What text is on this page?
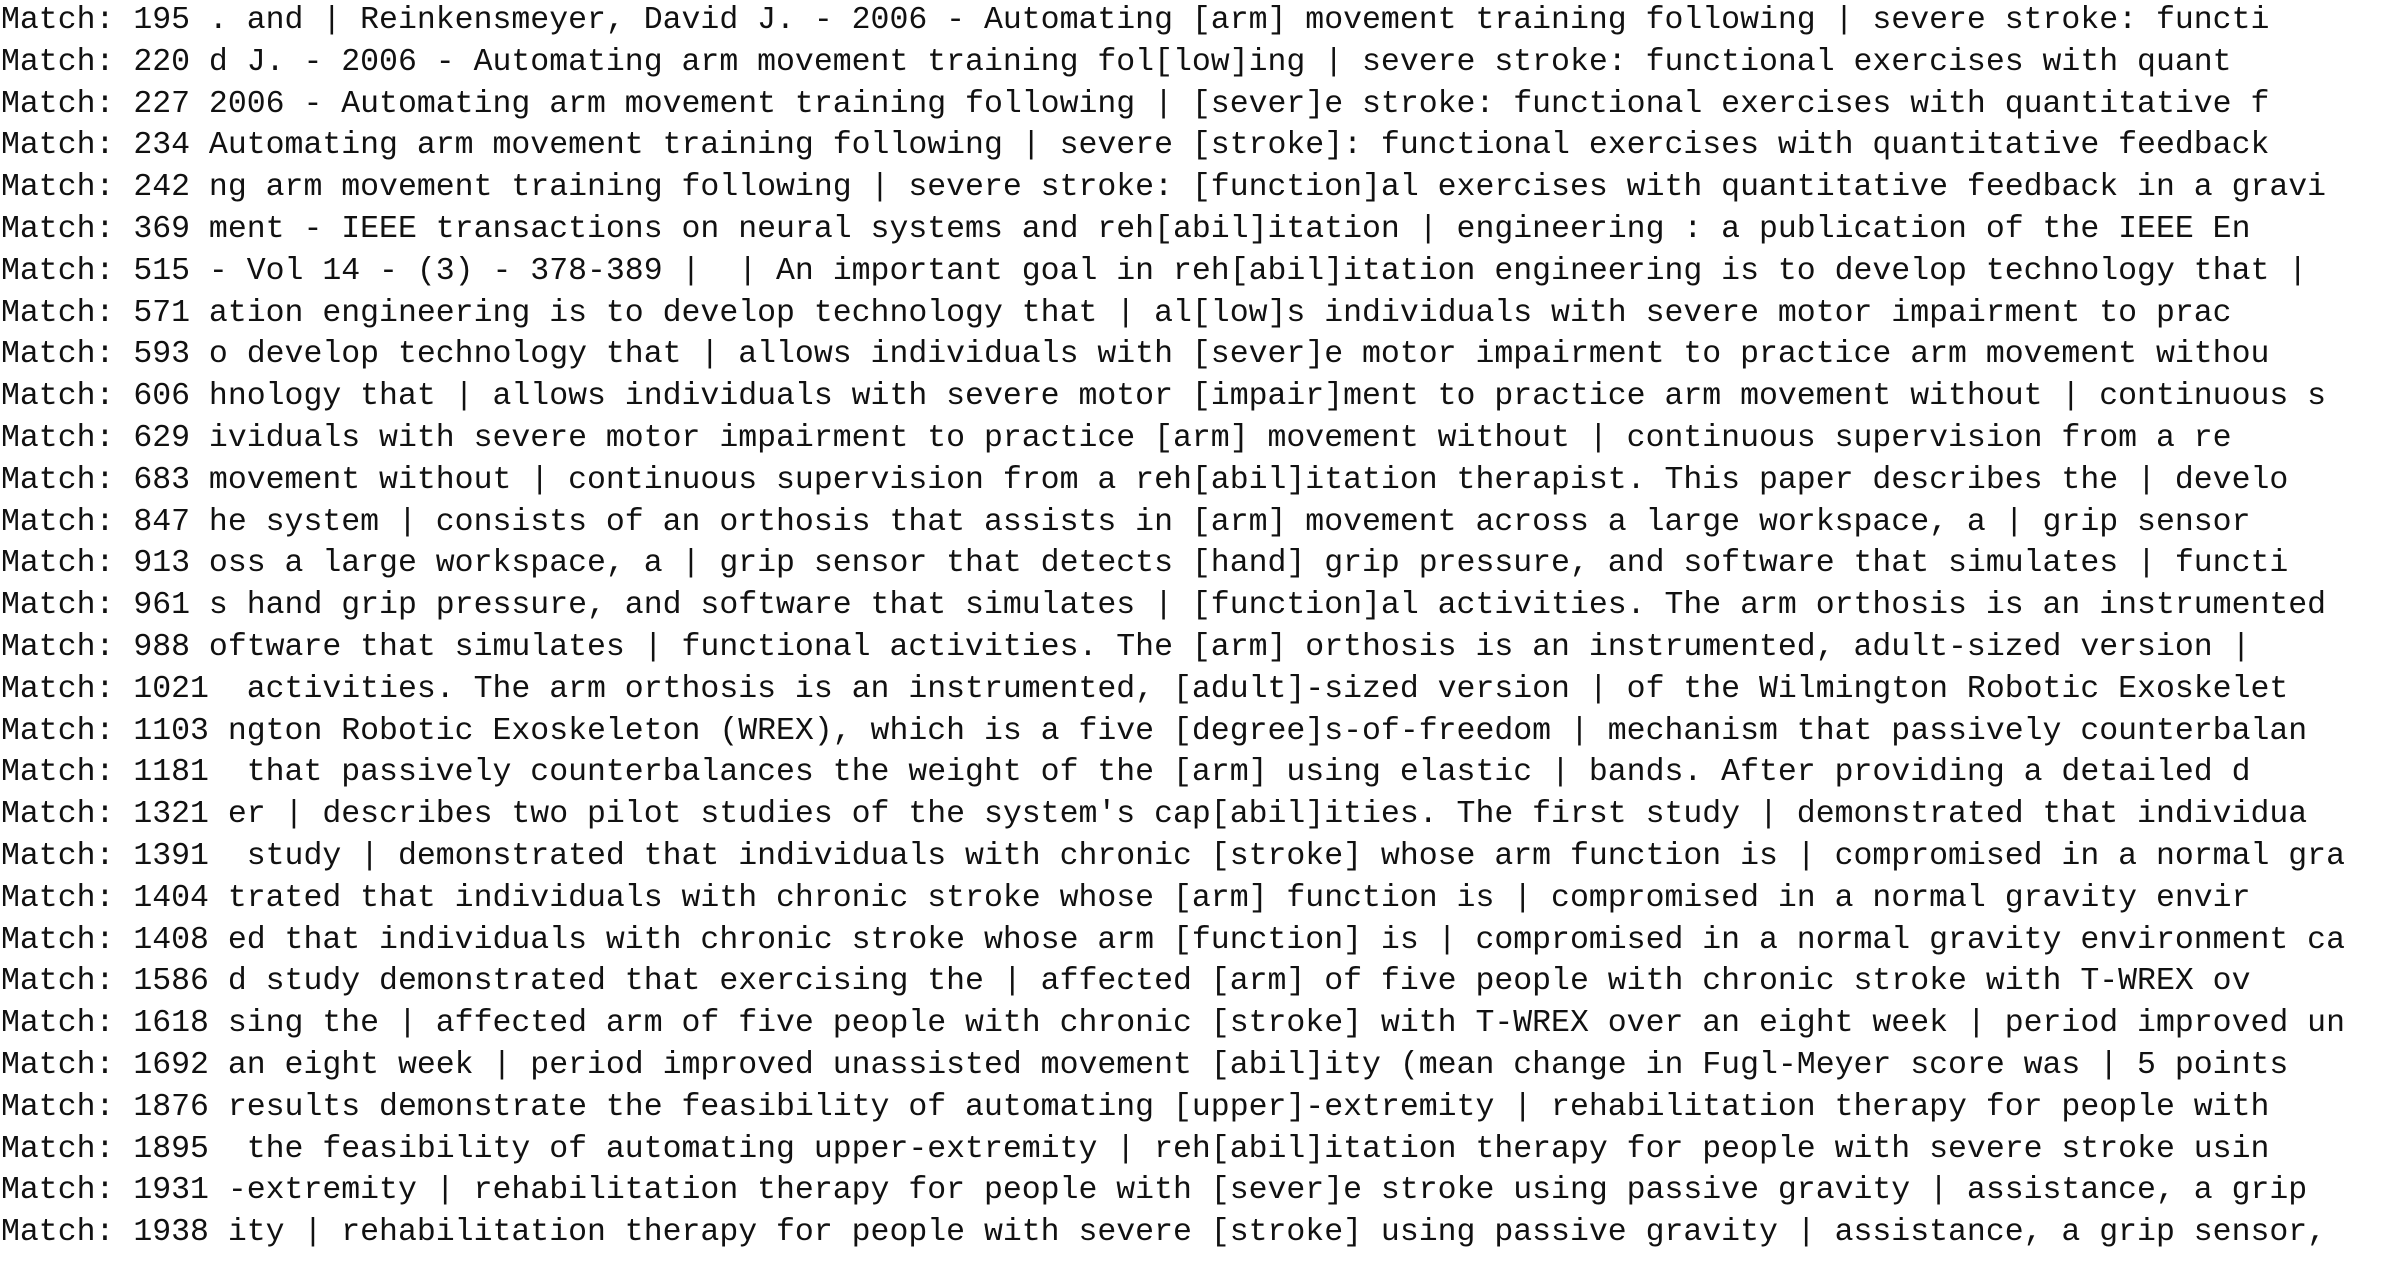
Match: 195 . and | Reinkensmeyer, David J. - 2006 - Automating [arm] movement training following | severe stroke: functi
Match: 220 d J. - 2006 - Automating arm movement training fol[low]ing | severe stroke: functional exercises with quant
Match: 227 2006 - Automating arm movement training following | [sever]e stroke: functional exercises with quantitative f
Match: 234 Automating arm movement training following | severe [stroke]: functional exercises with quantitative feedback
Match: 242 ng arm movement training following | severe stroke: [function]al exercises with quantitative feedback in a gravi
Match: 369 ment - IEEE transactions on neural systems and reh[abil]itation | engineering : a publication of the IEEE En
Match: 515 - Vol 14 - (3) - 378-389 |  | An important goal in reh[abil]itation engineering is to develop technology that |
Match: 571 ation engineering is to develop technology that | al[low]s individuals with severe motor impairment to prac
Match: 593 o develop technology that | allows individuals with [sever]e motor impairment to practice arm movement withou
Match: 606 hnology that | allows individuals with severe motor [impair]ment to practice arm movement without | continuous s
Match: 629 ividuals with severe motor impairment to practice [arm] movement without | continuous supervision from a re
Match: 683 movement without | continuous supervision from a reh[abil]itation therapist. This paper describes the | develo
Match: 847 he system | consists of an orthosis that assists in [arm] movement across a large workspace, a | grip sensor
Match: 913 oss a large workspace, a | grip sensor that detects [hand] grip pressure, and software that simulates | functi
Match: 961 s hand grip pressure, and software that simulates | [function]al activities. The arm orthosis is an instrumented
Match: 988 oftware that simulates | functional activities. The [arm] orthosis is an instrumented, adult-sized version |
Match: 1021  activities. The arm orthosis is an instrumented, [adult]-sized version | of the Wilmington Robotic Exoskelet
Match: 1103 ngton Robotic Exoskeleton (WREX), which is a five [degree]s-of-freedom | mechanism that passively counterbalan
Match: 1181  that passively counterbalances the weight of the [arm] using elastic | bands. After providing a detailed d
Match: 1321 er | describes two pilot studies of the system's cap[abil]ities. The first study | demonstrated that individua
Match: 1391  study | demonstrated that individuals with chronic [stroke] whose arm function is | compromised in a normal gra
Match: 1404 trated that individuals with chronic stroke whose [arm] function is | compromised in a normal gravity envir
Match: 1408 ed that individuals with chronic stroke whose arm [function] is | compromised in a normal gravity environment ca
Match: 1586 d study demonstrated that exercising the | affected [arm] of five people with chronic stroke with T-WREX ov
Match: 1618 sing the | affected arm of five people with chronic [stroke] with T-WREX over an eight week | period improved un
Match: 1692 an eight week | period improved unassisted movement [abil]ity (mean change in Fugl-Meyer score was | 5 points
Match: 1876 results demonstrate the feasibility of automating [upper]-extremity | rehabilitation therapy for people with
Match: 1895  the feasibility of automating upper-extremity | reh[abil]itation therapy for people with severe stroke usin
Match: 1931 -extremity | rehabilitation therapy for people with [sever]e stroke using passive gravity | assistance, a grip
Match: 1938 ity | rehabilitation therapy for people with severe [stroke] using passive gravity | assistance, a grip sensor,
